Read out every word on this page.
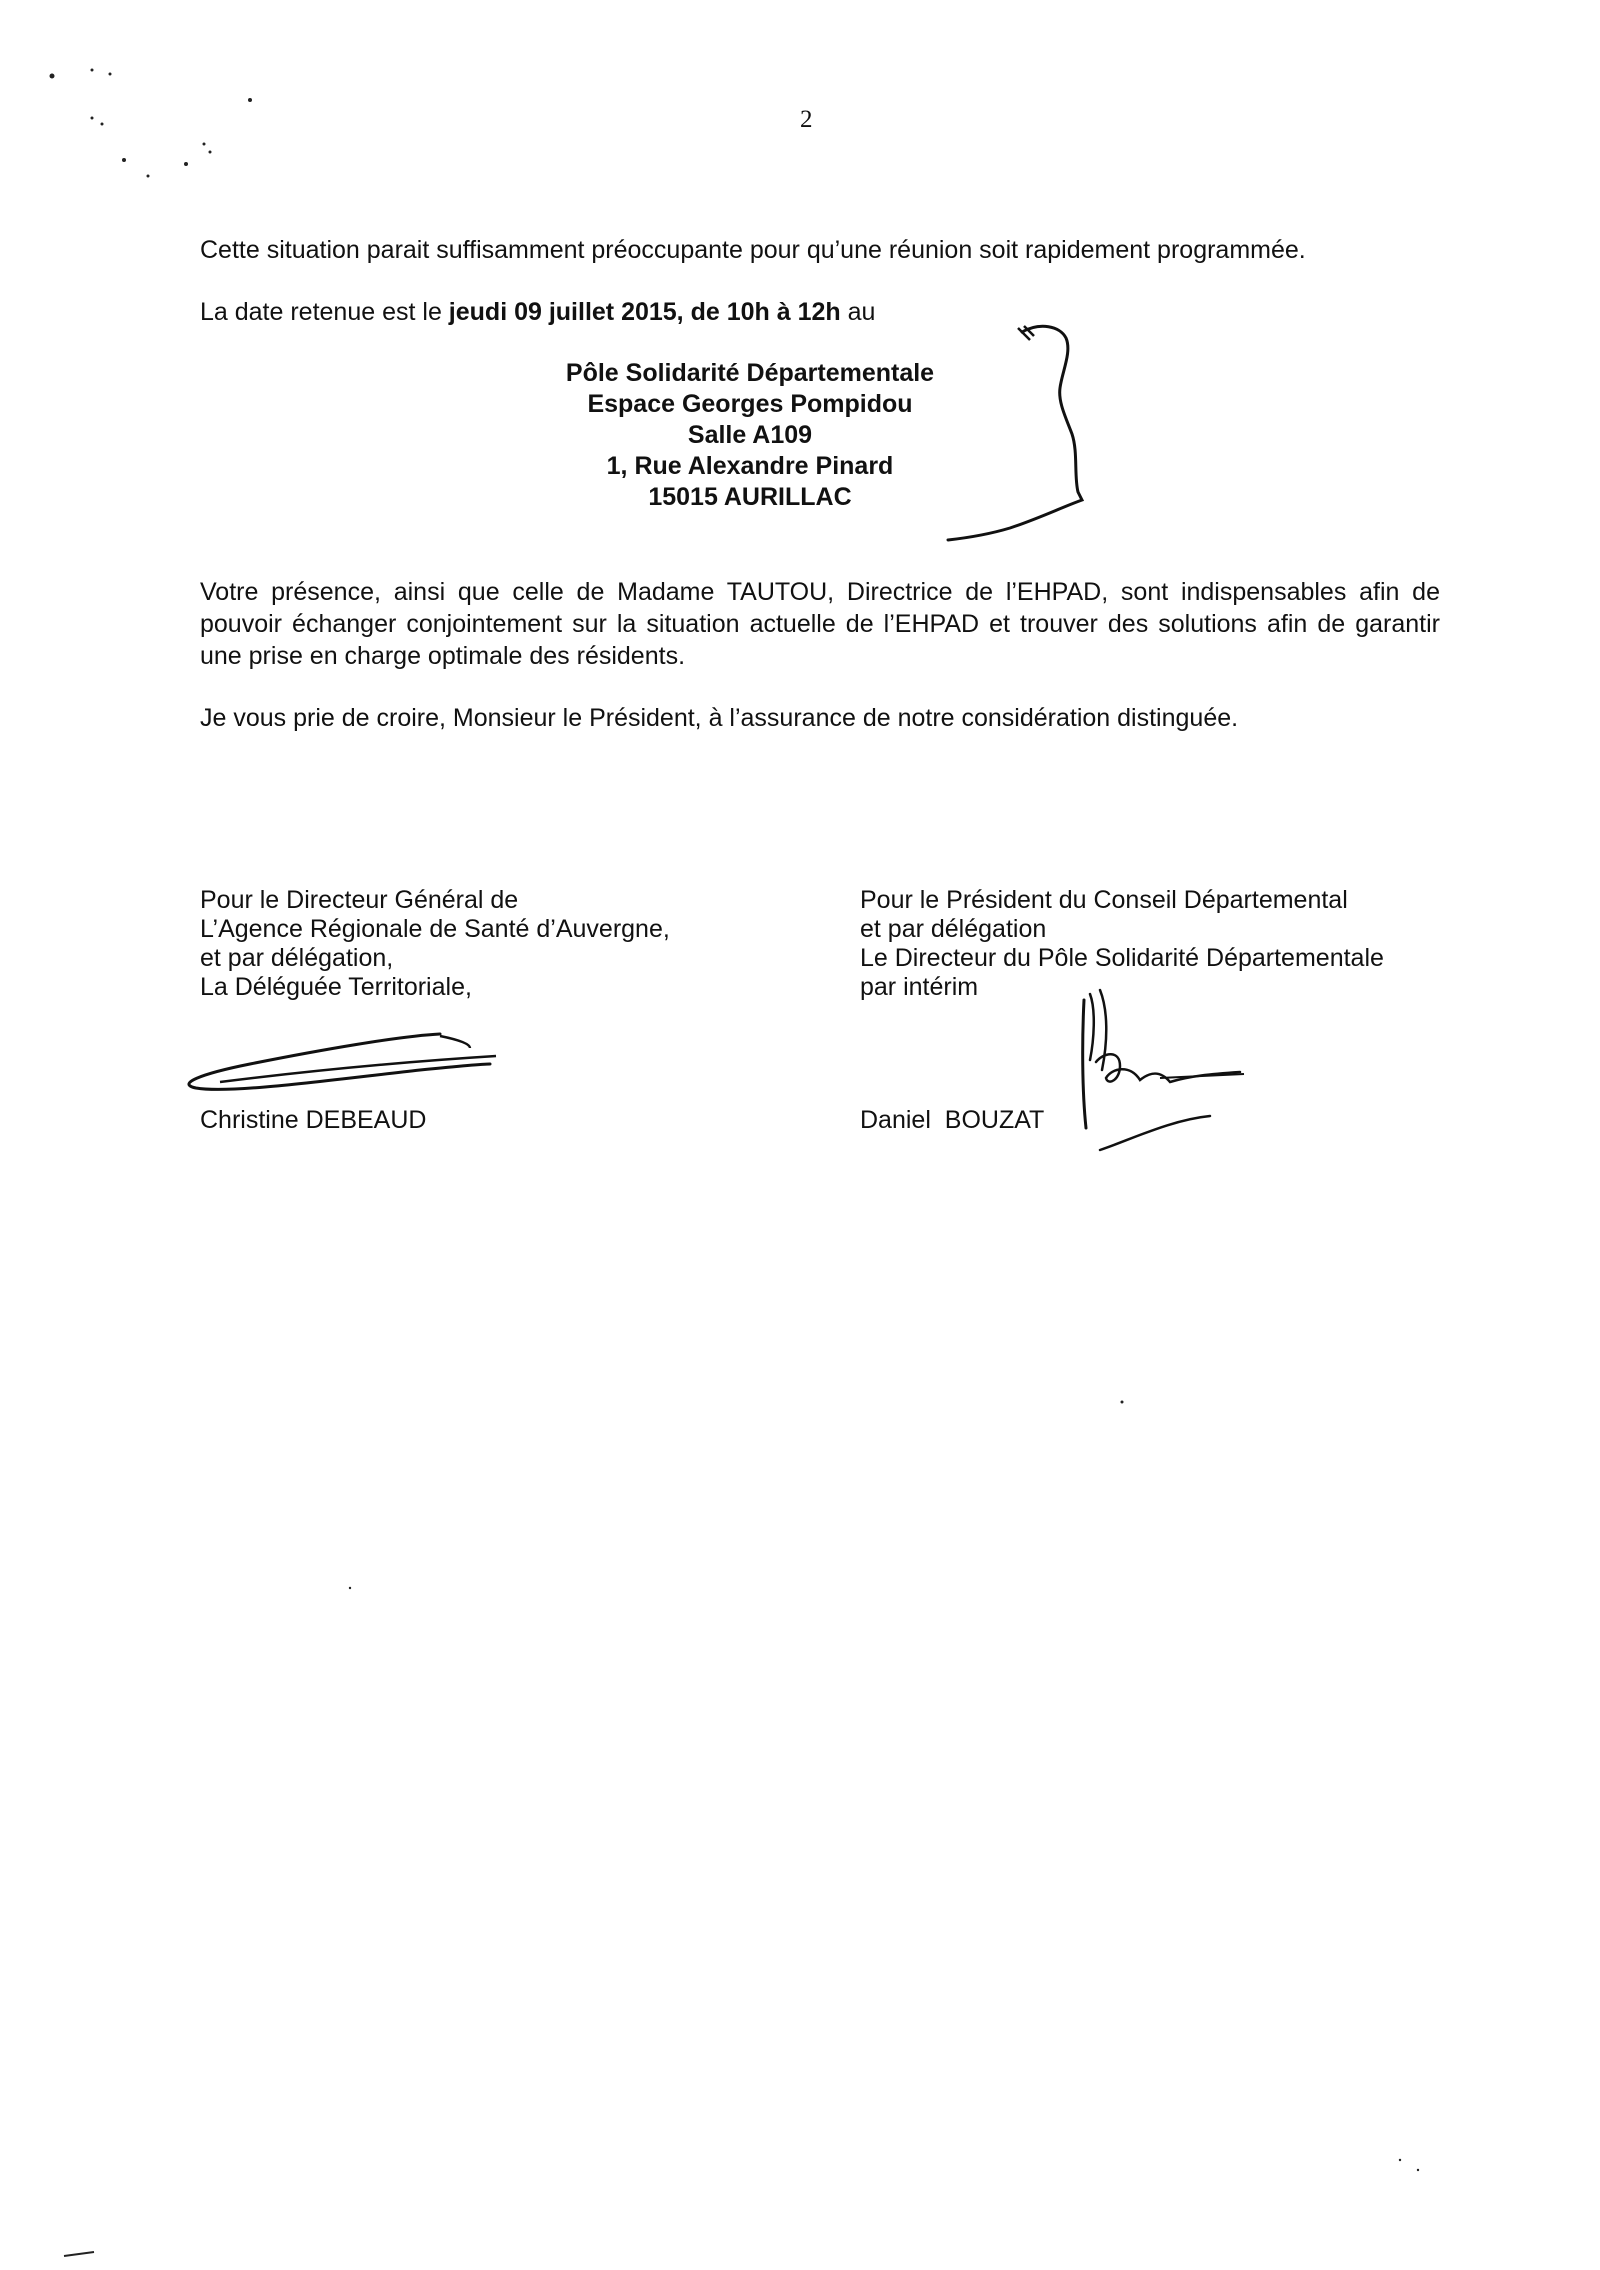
2

Cette situation parait suffisamment préoccupante pour qu’une réunion soit rapidement programmée.

La date retenue est le jeudi 09 juillet 2015, de 10h à 12h au

Pôle Solidarité Départementale
Espace Georges Pompidou
Salle A109
1, Rue Alexandre Pinard
15015 AURILLAC

Votre présence, ainsi que celle de Madame TAUTOU, Directrice de l’EHPAD, sont indispensables afin de pouvoir échanger conjointement sur la situation actuelle de l’EHPAD et trouver des solutions afin de garantir une prise en charge optimale des résidents.

Je vous prie de croire, Monsieur le Président, à l’assurance de notre considération distinguée.

Pour le Directeur Général de
L’Agence Régionale de Santé d’Auvergne,
et par délégation,
La Déléguée Territoriale,
Pour le Président du Conseil Départemental
et par délégation
Le Directeur du Pôle Solidarité Départementale
par intérim
Christine DEBEAUD	Daniel  BOUZAT
